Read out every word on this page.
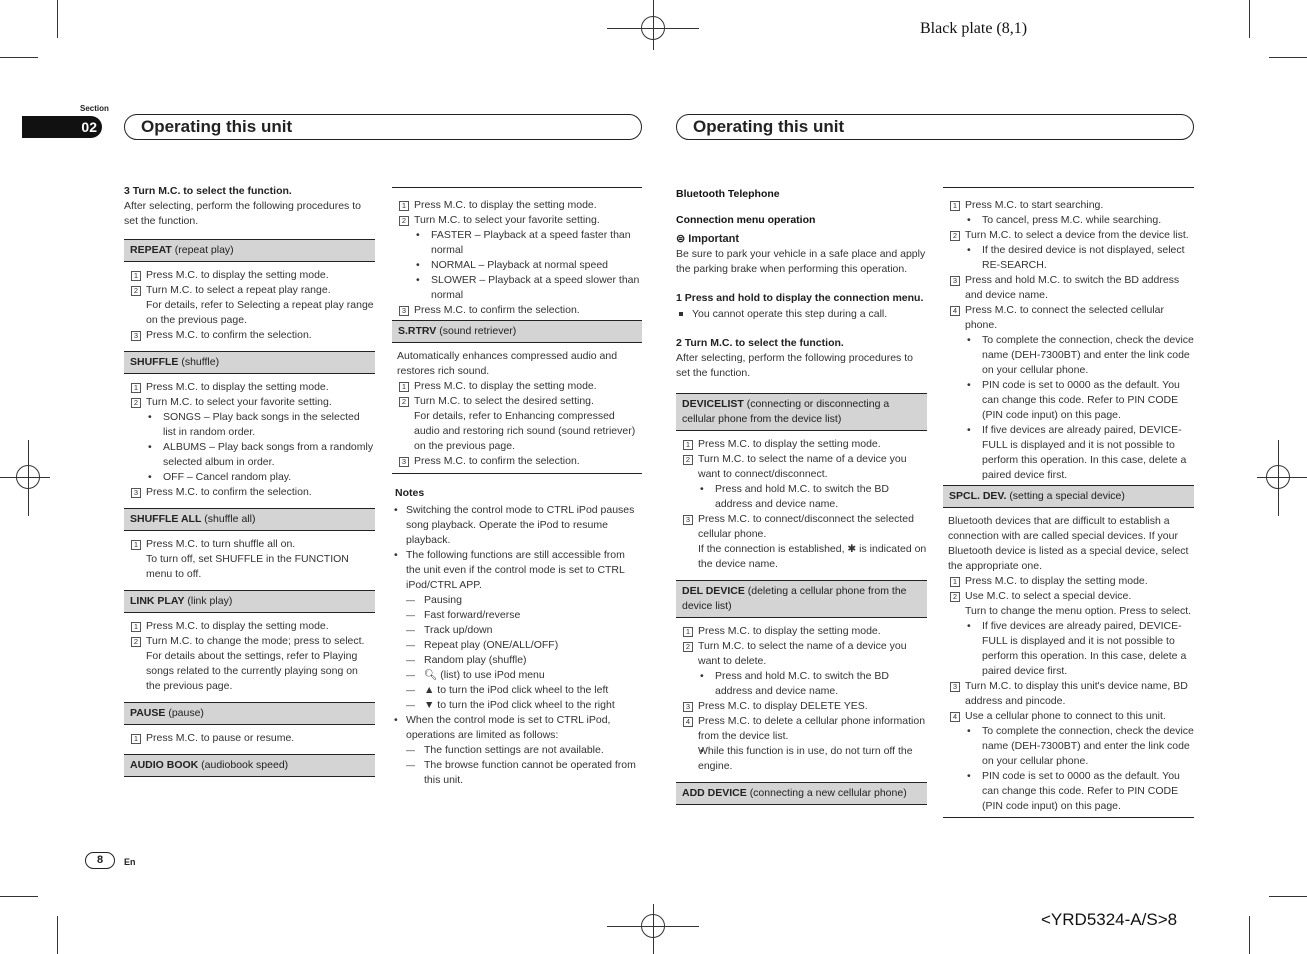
Black plate (8,1)
Section
02	Operating this unit	Operating this unit
3 Turn M.C. to select the function.
After selecting, perform the following procedures to set the function.
REPEAT (repeat play)
1 Press M.C. to display the setting mode.
2 Turn M.C. to select a repeat play range.
For details, refer to Selecting a repeat play range on the previous page.
3 Press M.C. to confirm the selection.
SHUFFLE (shuffle)
1 Press M.C. to display the setting mode.
2 Turn M.C. to select your favorite setting.
• SONGS – Play back songs in the selected list in random order.
• ALBUMS – Play back songs from a randomly selected album in order.
• OFF – Cancel random play.
3 Press M.C. to confirm the selection.
SHUFFLE ALL (shuffle all)
1 Press M.C. to turn shuffle all on.
To turn off, set SHUFFLE in the FUNCTION menu to off.
LINK PLAY (link play)
1 Press M.C. to display the setting mode.
2 Turn M.C. to change the mode; press to select.
For details about the settings, refer to Playing songs related to the currently playing song on the previous page.
PAUSE (pause)
1 Press M.C. to pause or resume.
AUDIO BOOK (audiobook speed)
1 Press M.C. to display the setting mode.
2 Turn M.C. to select your favorite setting.
• FASTER – Playback at a speed faster than normal
• NORMAL – Playback at normal speed
• SLOWER – Playback at a speed slower than normal
3 Press M.C. to confirm the selection.
S.RTRV (sound retriever)
Automatically enhances compressed audio and restores rich sound.
1 Press M.C. to display the setting mode.
2 Turn M.C. to select the desired setting.
For details, refer to Enhancing compressed audio and restoring rich sound (sound retriever) on the previous page.
3 Press M.C. to confirm the selection.
Notes
• Switching the control mode to CTRL iPod pauses song playback. Operate the iPod to resume playback.
• The following functions are still accessible from the unit even if the control mode is set to CTRL iPod/CTRL APP.
— Pausing
— Fast forward/reverse
— Track up/down
— Repeat play (ONE/ALL/OFF)
— Random play (shuffle)
— 🔍︎ (list) to use iPod menu
— ▲ to turn the iPod click wheel to the left
— ▼ to turn the iPod click wheel to the right
• When the control mode is set to CTRL iPod, operations are limited as follows:
— The function settings are not available.
— The browse function cannot be operated from this unit.
Bluetooth Telephone
Connection menu operation
⊜ Important
Be sure to park your vehicle in a safe place and apply the parking brake when performing this operation.
1 Press and hold to display the connection menu.
You cannot operate this step during a call.
2 Turn M.C. to select the function.
After selecting, perform the following procedures to set the function.
DEVICELIST (connecting or disconnecting a cellular phone from the device list)
1 Press M.C. to display the setting mode.
2 Turn M.C. to select the name of a device you want to connect/disconnect.
• Press and hold M.C. to switch the BD address and device name.
3 Press M.C. to connect/disconnect the selected cellular phone.
If the connection is established, ✱ is indicated on the device name.
DEL DEVICE (deleting a cellular phone from the device list)
1 Press M.C. to display the setting mode.
2 Turn M.C. to select the name of a device you want to delete.
• Press and hold M.C. to switch the BD address and device name.
3 Press M.C. to display DELETE YES.
4 Press M.C. to delete a cellular phone information from the device list.
• While this function is in use, do not turn off the engine.
ADD DEVICE (connecting a new cellular phone)
1 Press M.C. to start searching.
• To cancel, press M.C. while searching.
2 Turn M.C. to select a device from the device list.
• If the desired device is not displayed, select RE-SEARCH.
3 Press and hold M.C. to switch the BD address and device name.
4 Press M.C. to connect the selected cellular phone.
• To complete the connection, check the device name (DEH-7300BT) and enter the link code on your cellular phone.
• PIN code is set to 0000 as the default. You can change this code. Refer to PIN CODE (PIN code input) on this page.
• If five devices are already paired, DEVICE-FULL is displayed and it is not possible to perform this operation. In this case, delete a paired device first.
SPCL. DEV. (setting a special device)
Bluetooth devices that are difficult to establish a connection with are called special devices. If your Bluetooth device is listed as a special device, select the appropriate one.
1 Press M.C. to display the setting mode.
2 Use M.C. to select a special device.
Turn to change the menu option. Press to select.
• If five devices are already paired, DEVICE-FULL is displayed and it is not possible to perform this operation. In this case, delete a paired device first.
3 Turn M.C. to display this unit's device name, BD address and pincode.
4 Use a cellular phone to connect to this unit.
• To complete the connection, check the device name (DEH-7300BT) and enter the link code on your cellular phone.
• PIN code is set to 0000 as the default. You can change this code. Refer to PIN CODE (PIN code input) on this page.
8	En
<YRD5324-A/S>8
